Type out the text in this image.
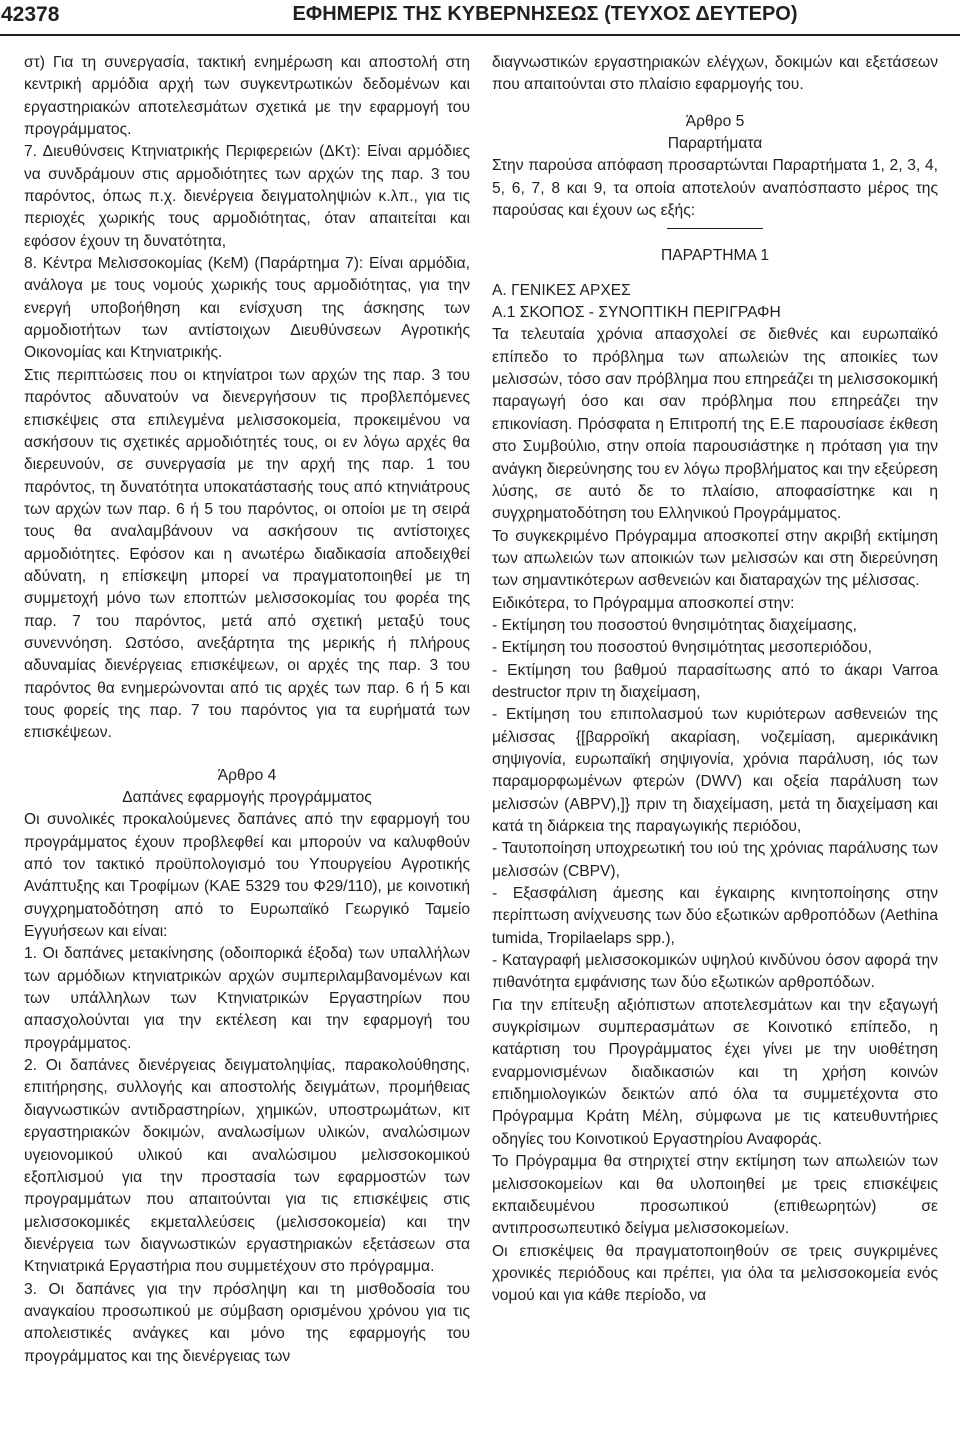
42378	ΕΦΗΜΕΡΙΣ ΤΗΣ ΚΥΒΕΡΝΗΣΕΩΣ (ΤΕΥΧΟΣ ΔΕΥΤΕΡΟ)

στ) Για τη συνεργασία, τακτική ενημέρωση και αποστολή στη κεντρική αρμόδια αρχή των συγκεντρωτικών δεδομένων και εργαστηριακών αποτελεσμάτων σχετικά με την εφαρμογή του προγράμματος.

7. Διευθύνσεις Κτηνιατρικής Περιφερειών (ΔΚτ): Είναι αρμόδιες να συνδράμουν στις αρμοδιότητες των αρχών της παρ. 3 του παρόντος, όπως π.χ. διενέργεια δειγματοληψιών κ.λπ., για τις περιοχές χωρικής τους αρμοδιότητας, όταν απαιτείται και εφόσον έχουν τη δυνατότητα,

8. Κέντρα Μελισσοκομίας (ΚεΜ) (Παράρτημα 7): Είναι αρμόδια, ανάλογα με τους νομούς χωρικής τους αρμοδιότητας, για την ενεργή υποβοήθηση και ενίσχυση της άσκησης των αρμοδιοτήτων των αντίστοιχων Διευθύνσεων Αγροτικής Οικονομίας και Κτηνιατρικής.

Στις περιπτώσεις που οι κτηνίατροι των αρχών της παρ. 3 του παρόντος αδυνατούν να διενεργήσουν τις προβλεπόμενες επισκέψεις στα επιλεγμένα μελισσοκομεία, προκειμένου να ασκήσουν τις σχετικές αρμοδιότητές τους, οι εν λόγω αρχές θα διερευνούν, σε συνεργασία με την αρχή της παρ. 1 του παρόντος, τη δυνατότητα υποκατάστασής τους από κτηνιάτρους των αρχών των παρ. 6 ή 5 του παρόντος, οι οποίοι με τη σειρά τους θα αναλαμβάνουν να ασκήσουν τις αντίστοιχες αρμοδιότητες. Εφόσον και η ανωτέρω διαδικασία αποδειχθεί αδύνατη, η επίσκεψη μπορεί να πραγματοποιηθεί με τη συμμετοχή μόνο των εποπτών μελισσοκομίας του φορέα της παρ. 7 του παρόντος, μετά από σχετική μεταξύ τους συνεννόηση. Ωστόσο, ανεξάρτητα της μερικής ή πλήρους αδυναμίας διενέργειας επισκέψεων, οι αρχές της παρ. 3 του παρόντος θα ενημερώνονται από τις αρχές των παρ. 6 ή 5 και τους φορείς της παρ. 7 του παρόντος για τα ευρήματά των επισκέψεων.

Άρθρο 4

Δαπάνες εφαρμογής προγράμματος

Οι συνολικές προκαλούμενες δαπάνες από την εφαρμογή του προγράμματος έχουν προβλεφθεί και μπορούν να καλυφθούν από τον τακτικό προϋπολογισμό του Υπουργείου Αγροτικής Ανάπτυξης και Τροφίμων (ΚΑΕ 5329 του Φ29/110), με κοινοτική συγχρηματοδότηση από το Ευρωπαϊκό Γεωργικό Ταμείο Εγγυήσεων και είναι:

1. Οι δαπάνες μετακίνησης (οδοιπορικά έξοδα) των υπαλλήλων των αρμόδιων κτηνιατρικών αρχών συμπεριλαμβανομένων και των υπάλληλων των Κτηνιατρικών Εργαστηρίων που απασχολούνται για την εκτέλεση και την εφαρμογή του προγράμματος.

2. Οι δαπάνες διενέργειας δειγματοληψίας, παρακολούθησης, επιτήρησης, συλλογής και αποστολής δειγμάτων, προμήθειας διαγνωστικών αντιδραστηρίων, χημικών, υποστρωμάτων, κιτ εργαστηριακών δοκιμών, αναλωσίμων υλικών, αναλώσιμων υγειονομικού υλικού και αναλώσιμου μελισσοκομικού εξοπλισμού για την προστασία των εφαρμοστών των προγραμμάτων που απαιτούνται για τις επισκέψεις στις μελισσοκομικές εκμεταλλεύσεις (μελισσοκομεία) και την διενέργεια των διαγνωστικών εργαστηριακών εξετάσεων στα Κτηνιατρικά Εργαστήρια που συμμετέχουν στο πρόγραμμα.

3. Οι δαπάνες για την πρόσληψη και τη μισθοδοσία του αναγκαίου προσωπικού με σύμβαση ορισμένου χρόνου για τις απολειστικές ανάγκες και μόνο της εφαρμογής του προγράμματος και της διενέργειας των

διαγνωστικών εργαστηριακών ελέγχων, δοκιμών και εξετάσεων που απαιτούνται στο πλαίσιο εφαρμογής του.

Άρθρο 5

Παραρτήματα

Στην παρούσα απόφαση προσαρτώνται Παραρτήματα 1, 2, 3, 4, 5, 6, 7, 8 και 9, τα οποία αποτελούν αναπόσπαστο μέρος της παρούσας και έχουν ως εξής:

ΠΑΡΑΡΤΗΜΑ 1

Α. ΓΕΝΙΚΕΣ ΑΡΧΕΣ

Α.1 ΣΚΟΠΟΣ - ΣΥΝΟΠΤΙΚΗ ΠΕΡΙΓΡΑΦΗ

Τα τελευταία χρόνια απασχολεί σε διεθνές και ευρωπαϊκό επίπεδο το πρόβλημα των απωλειών της αποικίες των μελισσών, τόσο σαν πρόβλημα που επηρεάζει τη μελισσοκομική παραγωγή όσο και σαν πρόβλημα που επηρεάζει την επικονίαση. Πρόσφατα η Επιτροπή της Ε.Ε παρουσίασε έκθεση στο Συμβούλιο, στην οποία παρουσιάστηκε η πρόταση για την ανάγκη διερεύνησης του εν λόγω προβλήματος και την εξεύρεση λύσης, σε αυτό δε το πλαίσιο, αποφασίστηκε και η συγχρηματοδότηση του Ελληνικού Προγράμματος.

Το συγκεκριμένο Πρόγραμμα αποσκοπεί στην ακριβή εκτίμηση των απωλειών των αποικιών των μελισσών και στη διερεύνηση των σημαντικότερων ασθενειών και διαταραχών της μέλισσας.

Ειδικότερα, το Πρόγραμμα αποσκοπεί στην:

- Εκτίμηση του ποσοστού θνησιμότητας διαχείμασης,

- Εκτίμηση του ποσοστού θνησιμότητας μεσοπεριόδου,

- Εκτίμηση του βαθμού παρασίτωσης από το άκαρι Varroa destructor πριν τη διαχείμαση,

- Εκτίμηση του επιπολασμού των κυριότερων ασθενειών της μέλισσας {[βαρροϊκή ακαρίαση, νοζεμίαση, αμερικάνικη σηψιγονία, ευρωπαϊκή σηψιγονία, χρόνια παράλυση, ιός των παραμορφωμένων φτερών (DWV) και οξεία παράλυση των μελισσών (ABPV),]} πριν τη διαχείμαση, μετά τη διαχείμαση και κατά τη διάρκεια της παραγωγικής περιόδου,

- Ταυτοποίηση υποχρεωτική του ιού της χρόνιας παράλυσης των μελισσών (CBPV),

- Εξασφάλιση άμεσης και έγκαιρης κινητοποίησης στην περίπτωση ανίχνευσης των δύο εξωτικών αρθροπόδων (Aethina tumida, Tropilaelaps spp.),

- Καταγραφή μελισσοκομικών υψηλού κινδύνου όσον αφορά την πιθανότητα εμφάνισης των δύο εξωτικών αρθροπόδων.

Για την επίτευξη αξιόπιστων αποτελεσμάτων και την εξαγωγή συγκρίσιμων συμπερασμάτων σε Κοινοτικό επίπεδο, η κατάρτιση του Προγράμματος έχει γίνει με την υιοθέτηση εναρμονισμένων διαδικασιών και τη χρήση κοινών επιδημιολογικών δεικτών από όλα τα συμμετέχοντα στο Πρόγραμμα Κράτη Μέλη, σύμφωνα με τις κατευθυντήριες οδηγίες του Κοινοτικού Εργαστηρίου Αναφοράς.

Το Πρόγραμμα θα στηριχτεί στην εκτίμηση των απωλειών των μελισσοκομείων και θα υλοποιηθεί με τρεις επισκέψεις εκπαιδευμένου προσωπικού (επιθεωρητών) σε αντιπροσωπευτικό δείγμα μελισσοκομείων.

Οι επισκέψεις θα πραγματοποιηθούν σε τρεις συγκριμένες χρονικές περιόδους και πρέπει, για όλα τα μελισσοκομεία ενός νομού και για κάθε περίοδο, να
